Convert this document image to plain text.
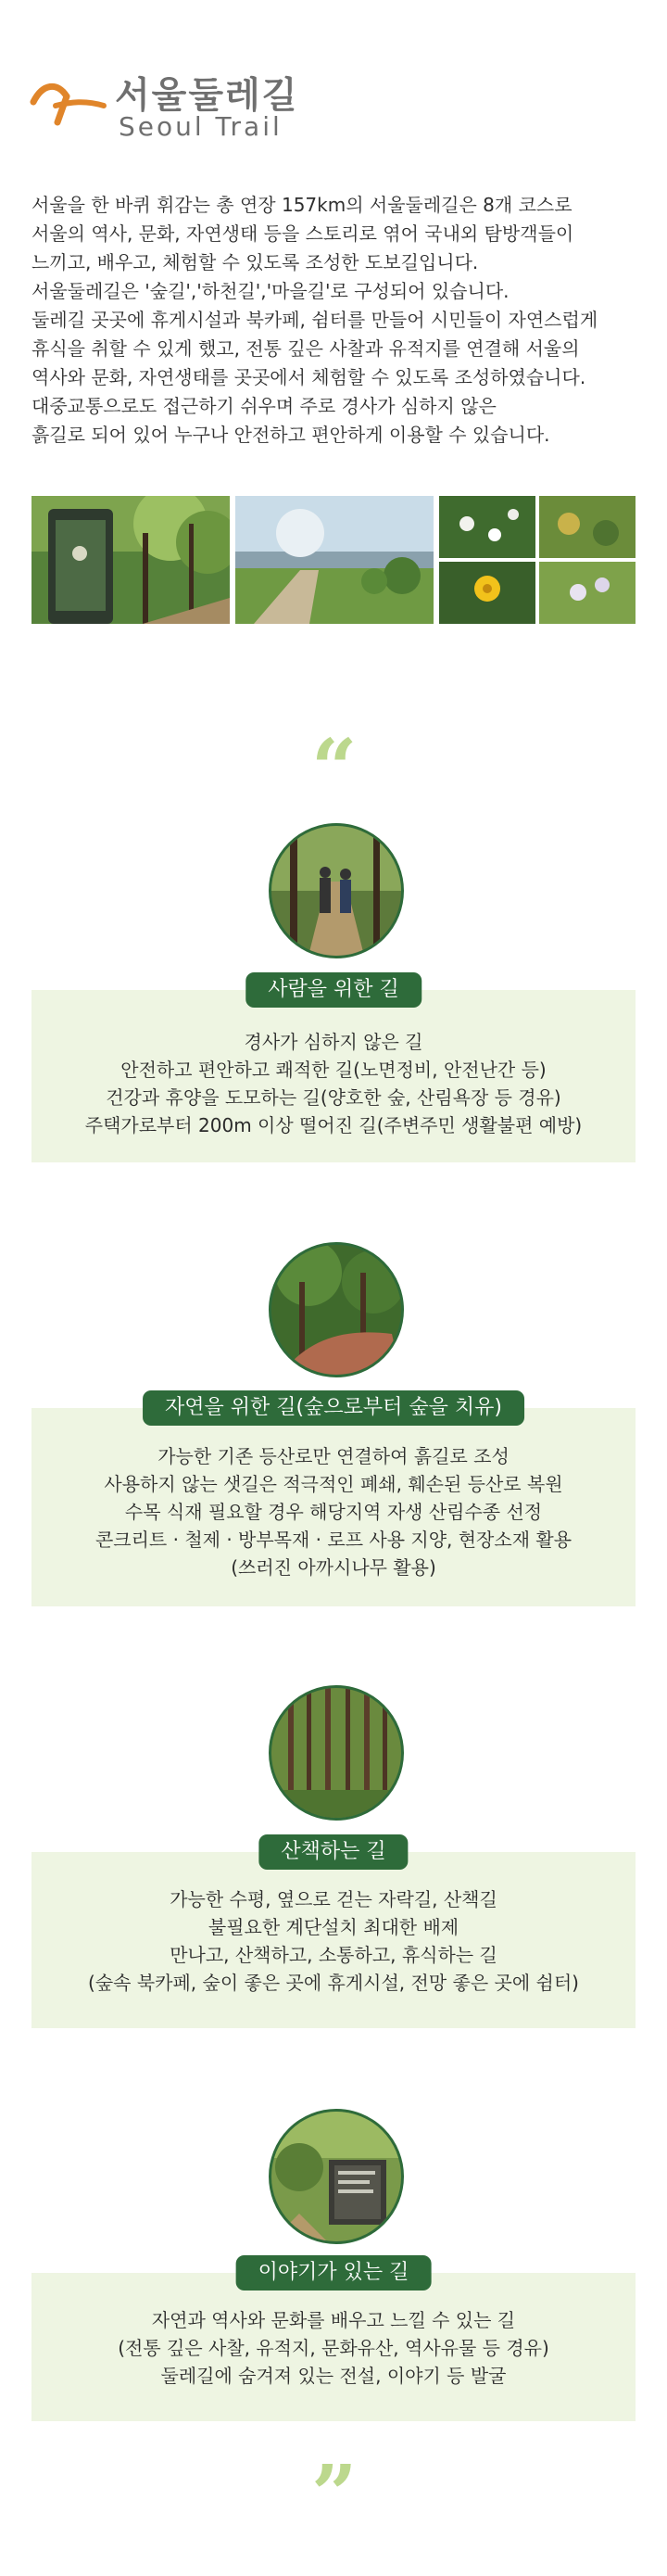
서울둘레길
Seoul Trail

서울을 한 바퀴 휘감는 총 연장 157km의 서울둘레길은 8개 코스로

서울의 역사, 문화, 자연생태 등을 스토리로 엮어 국내외 탐방객들이

느끼고, 배우고, 체험할 수 있도록 조성한 도보길입니다.

서울둘레길은 '숲길','하천길','마을길'로 구성되어 있습니다.

둘레길 곳곳에 휴게시설과 북카페, 쉼터를 만들어 시민들이 자연스럽게

휴식을 취할 수 있게 했고, 전통 깊은 사찰과 유적지를 연결해 서울의

역사와 문화, 자연생태를 곳곳에서 체험할 수 있도록 조성하였습니다.

대중교통으로도 접근하기 쉬우며 주로 경사가 심하지 않은

흙길로 되어 있어 누구나 안전하고 편안하게 이용할 수 있습니다.

“
사람을 위한 길

경사가 심하지 않은 길

안전하고 편안하고 쾌적한 길(노면정비, 안전난간 등)

건강과 휴양을 도모하는 길(양호한 숲, 산림욕장 등 경유)

주택가로부터 200m 이상 떨어진 길(주변주민 생활불편 예방)

자연을 위한 길(숲으로부터 숲을 치유)

가능한 기존 등산로만 연결하여 흙길로 조성

사용하지 않는 샛길은 적극적인 폐쇄, 훼손된 등산로 복원

수목 식재 필요할 경우 해당지역 자생 산림수종 선정

콘크리트 · 철제 · 방부목재 · 로프 사용 지양, 현장소재 활용

(쓰러진 아까시나무 활용)

산책하는 길

가능한 수평, 옆으로 걷는 자락길, 산책길

불필요한 계단설치 최대한 배제

만나고, 산책하고, 소통하고, 휴식하는 길

(숲속 북카페, 숲이 좋은 곳에 휴게시설, 전망 좋은 곳에 쉼터)

이야기가 있는 길

자연과 역사와 문화를 배우고 느낄 수 있는 길

(전통 깊은 사찰, 유적지, 문화유산, 역사유물 등 경유)

둘레길에 숨겨져 있는 전설, 이야기 등 발굴

”
